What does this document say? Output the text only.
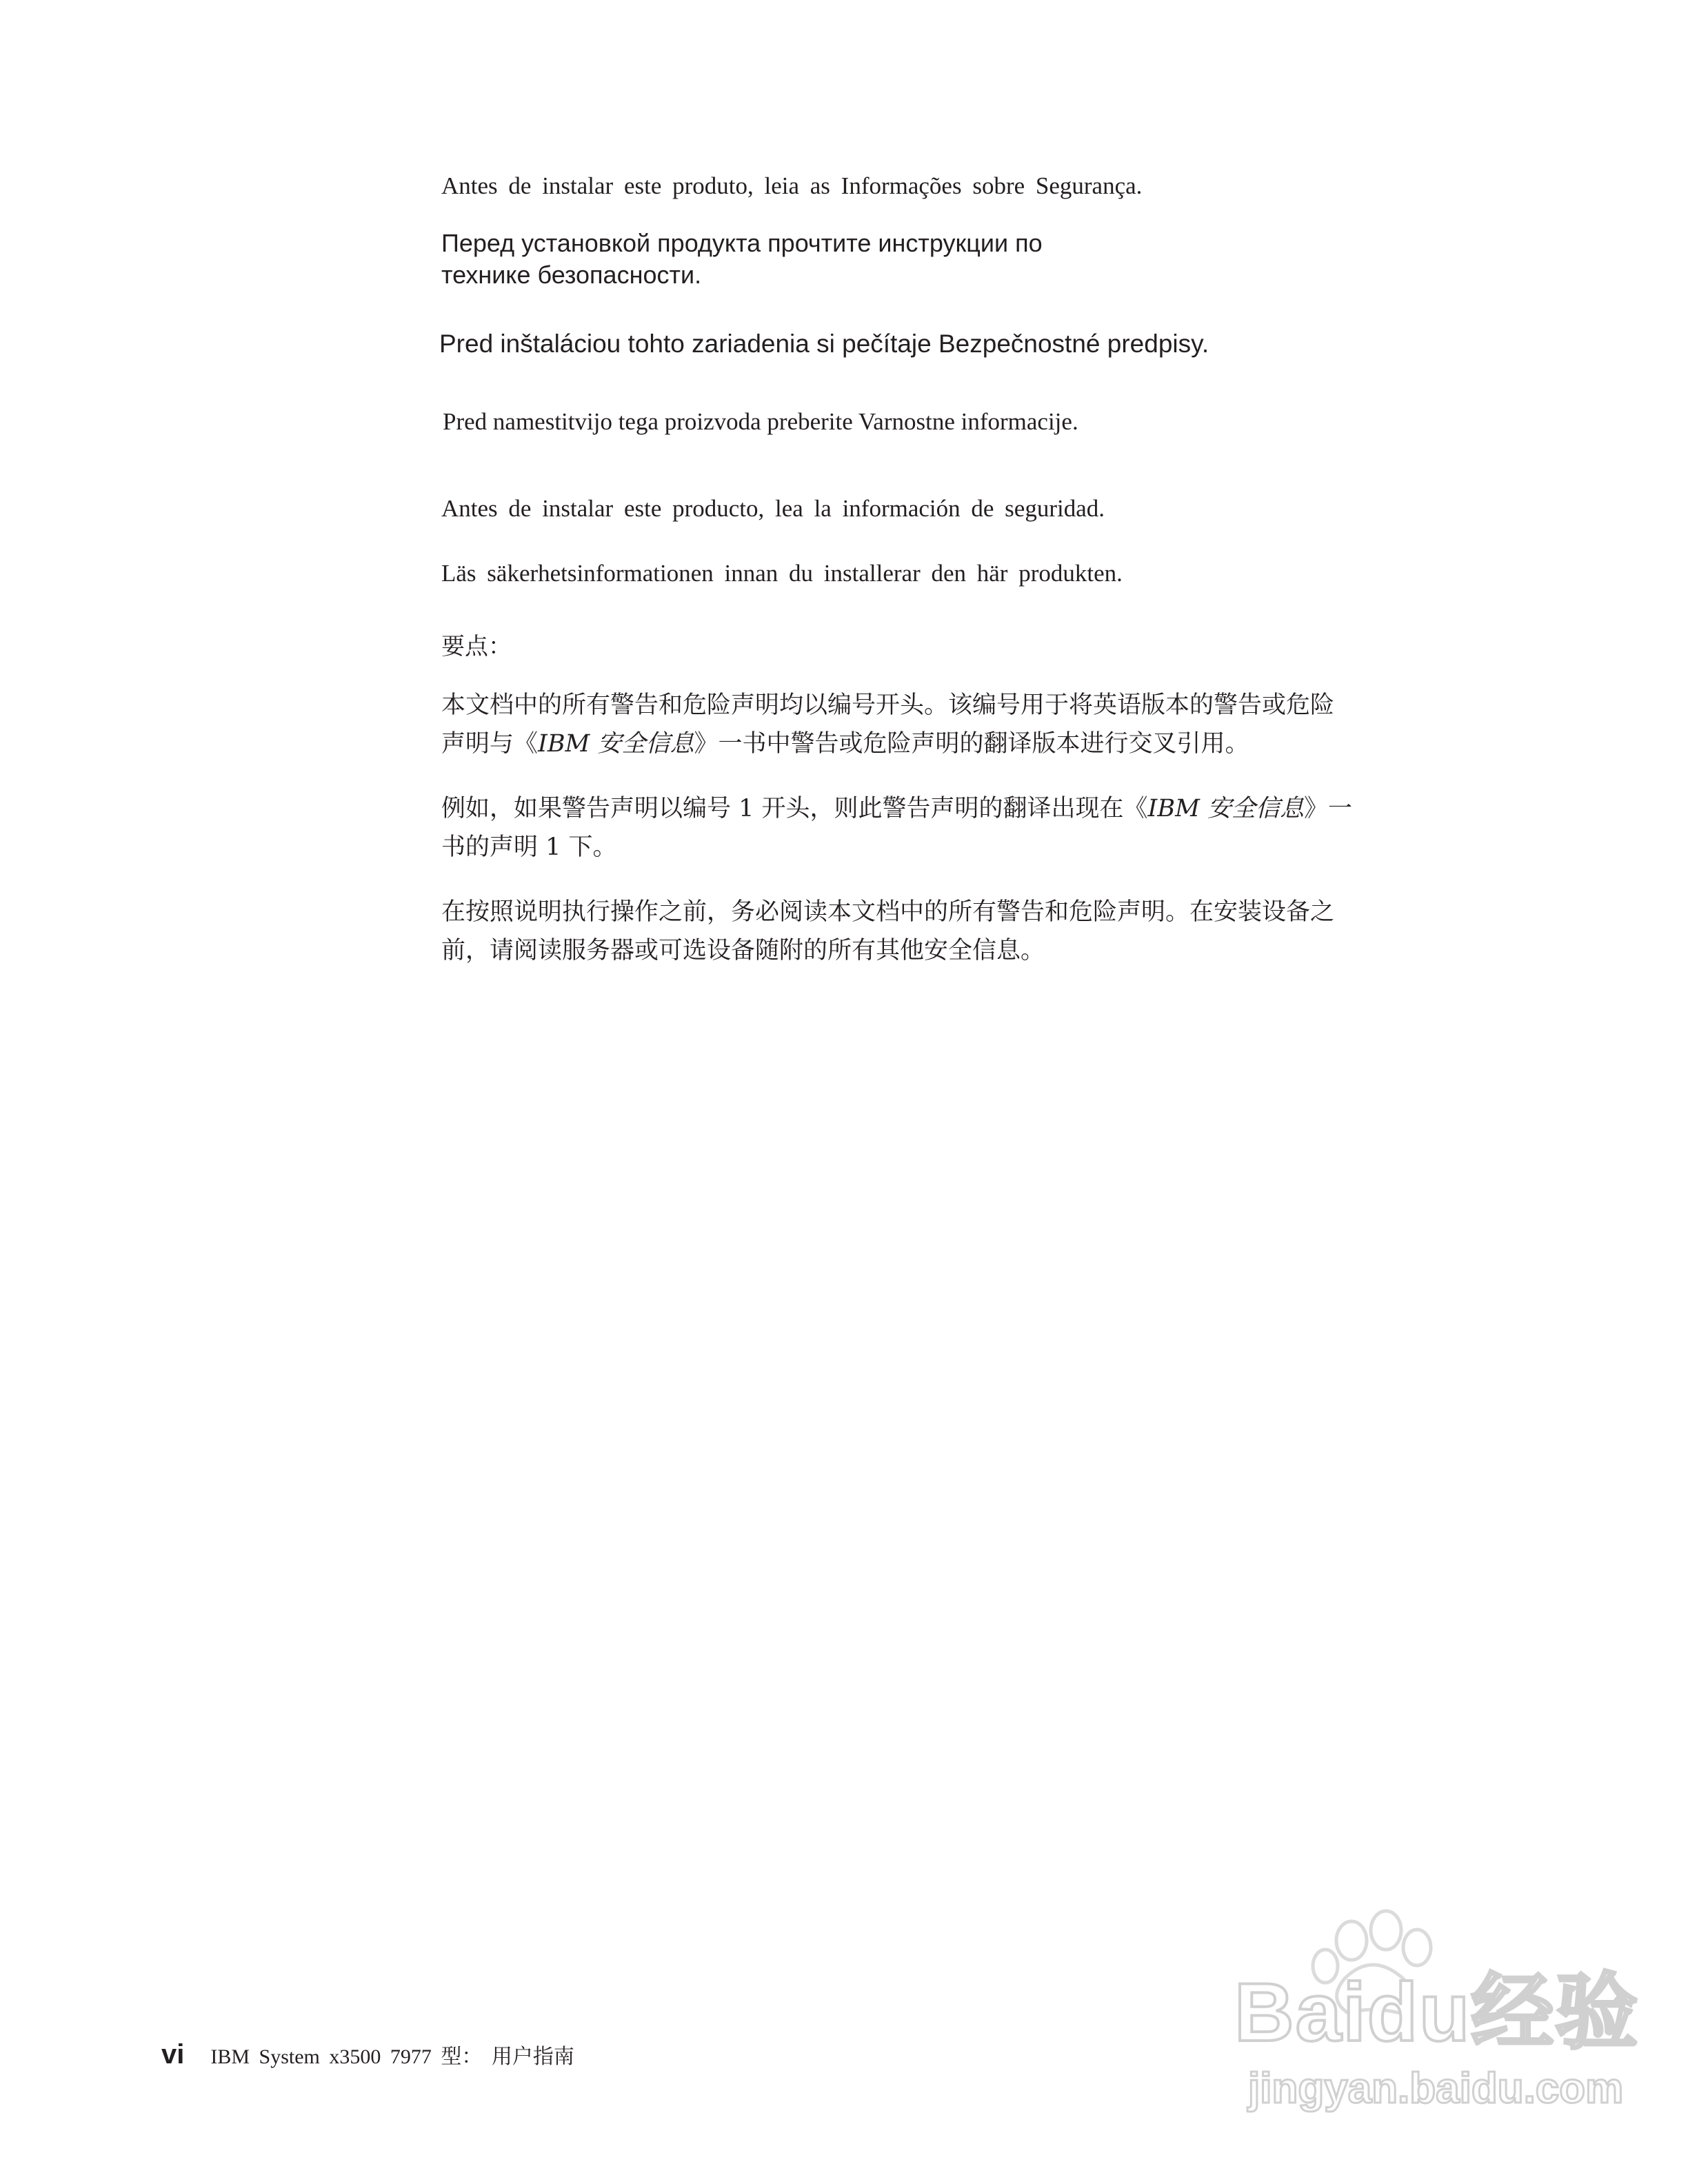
Antes de instalar este produto, leia as Informações sobre Segurança.

Перед установкой продукта прочтите инструкции по
технике безопасности.

Pred inštaláciou tohto zariadenia si pečítaje Bezpečnostné predpisy.

Pred namestitvijo tega proizvoda preberite Varnostne informacije.

Antes de instalar este producto, lea la información de seguridad.

Läs säkerhetsinformationen innan du installerar den här produkten.

要点：

本文档中的所有警告和危险声明均以编号开头。该编号用于将英语版本的警告或危险
声明与《IBM 安全信息》一书中警告或危险声明的翻译版本进行交叉引用。
例如，如果警告声明以编号 1 开头，则此警告声明的翻译出现在《IBM 安全信息》一
书的声明 1 下。
在按照说明执行操作之前，务必阅读本文档中的所有警告和危险声明。在安装设备之
前，请阅读服务器或可选设备随附的所有其他安全信息。
vi IBM System x3500 7977 型： 用户指南	Baidu经验
jingyan.baidu.com
